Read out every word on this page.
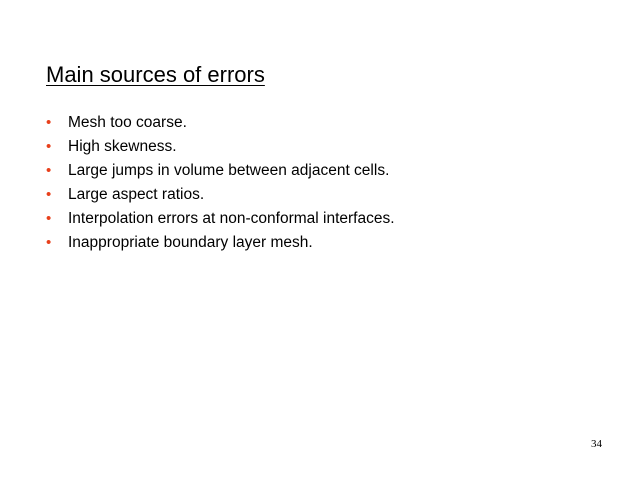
Main sources of errors
•	Mesh too coarse.
•	High skewness.
•	Large jumps in volume between adjacent cells.
•	Large aspect ratios.
•	Interpolation errors at non-conformal interfaces.
•	Inappropriate boundary layer mesh.
34
